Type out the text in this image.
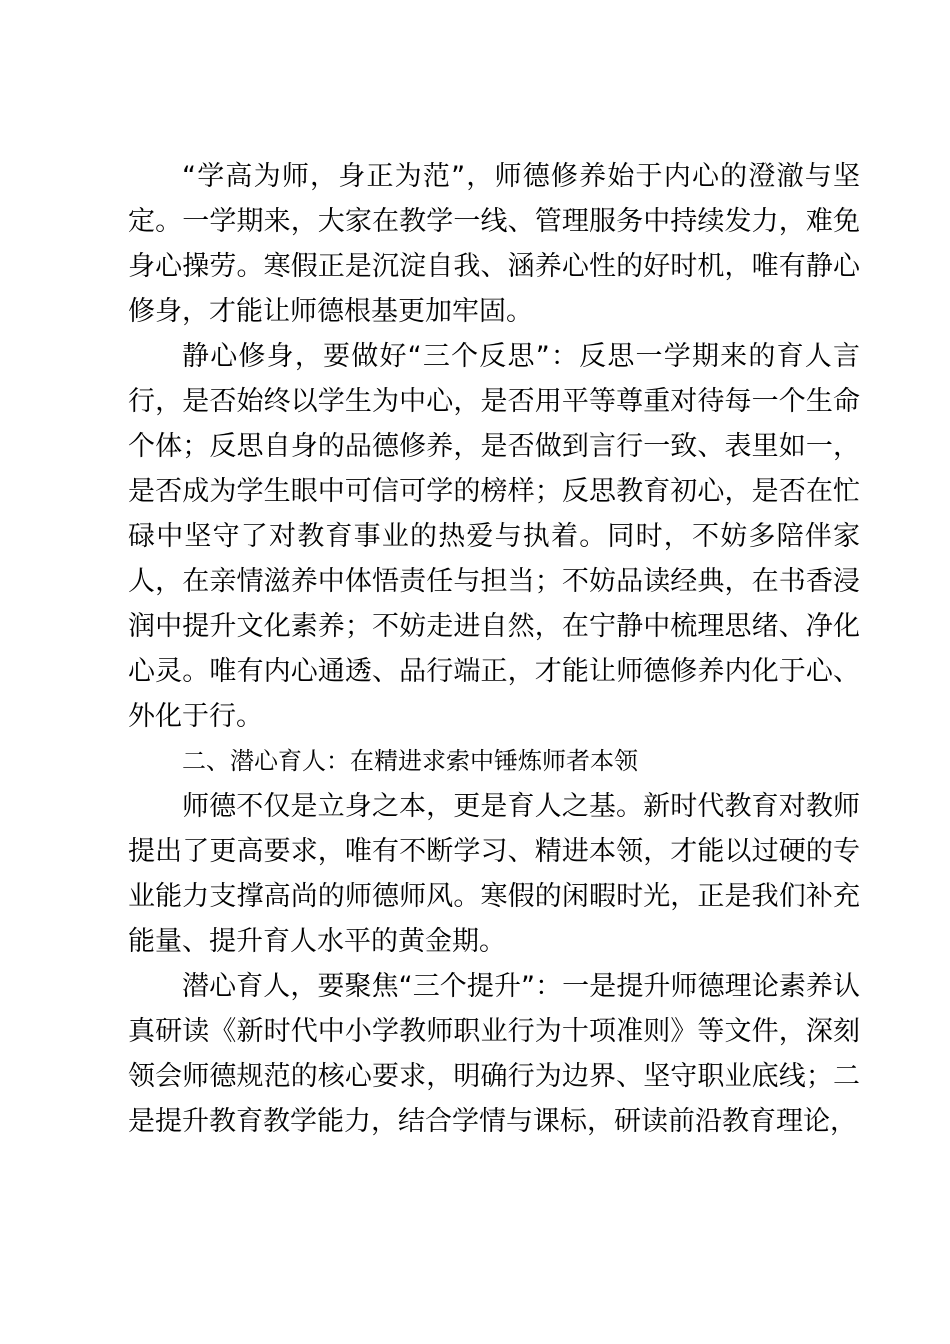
“学高为师，身正为范”，师德修养始于内心的澄澈与坚定。一学期来，大家在教学一线、管理服务中持续发力，难免身心操劳。寒假正是沉淀自我、涵养心性的好时机，唯有静心修身，才能让师德根基更加牢固。

静心修身，要做好“三个反思”：反思一学期来的育人言行，是否始终以学生为中心，是否用平等尊重对待每一个生命个体；反思自身的品德修养，是否做到言行一致、表里如一，是否成为学生眼中可信可学的榜样；反思教育初心，是否在忙碌中坚守了对教育事业的热爱与执着。同时，不妨多陪伴家人，在亲情滋养中体悟责任与担当；不妨品读经典，在书香浸润中提升文化素养；不妨走进自然，在宁静中梳理思绪、净化心灵。唯有内心通透、品行端正，才能让师德修养内化于心、外化于行。

二、潜心育人：在精进求索中锤炼师者本领

师德不仅是立身之本，更是育人之基。新时代教育对教师提出了更高要求，唯有不断学习、精进本领，才能以过硬的专业能力支撑高尚的师德师风。寒假的闲暇时光，正是我们补充能量、提升育人水平的黄金期。

潜心育人，要聚焦“三个提升”：一是提升师德理论素养认真研读《新时代中小学教师职业行为十项准则》等文件，深刻领会师德规范的核心要求，明确行为边界、坚守职业底线；二是提升教育教学能力，结合学情与课标，研读前沿教育理论，
